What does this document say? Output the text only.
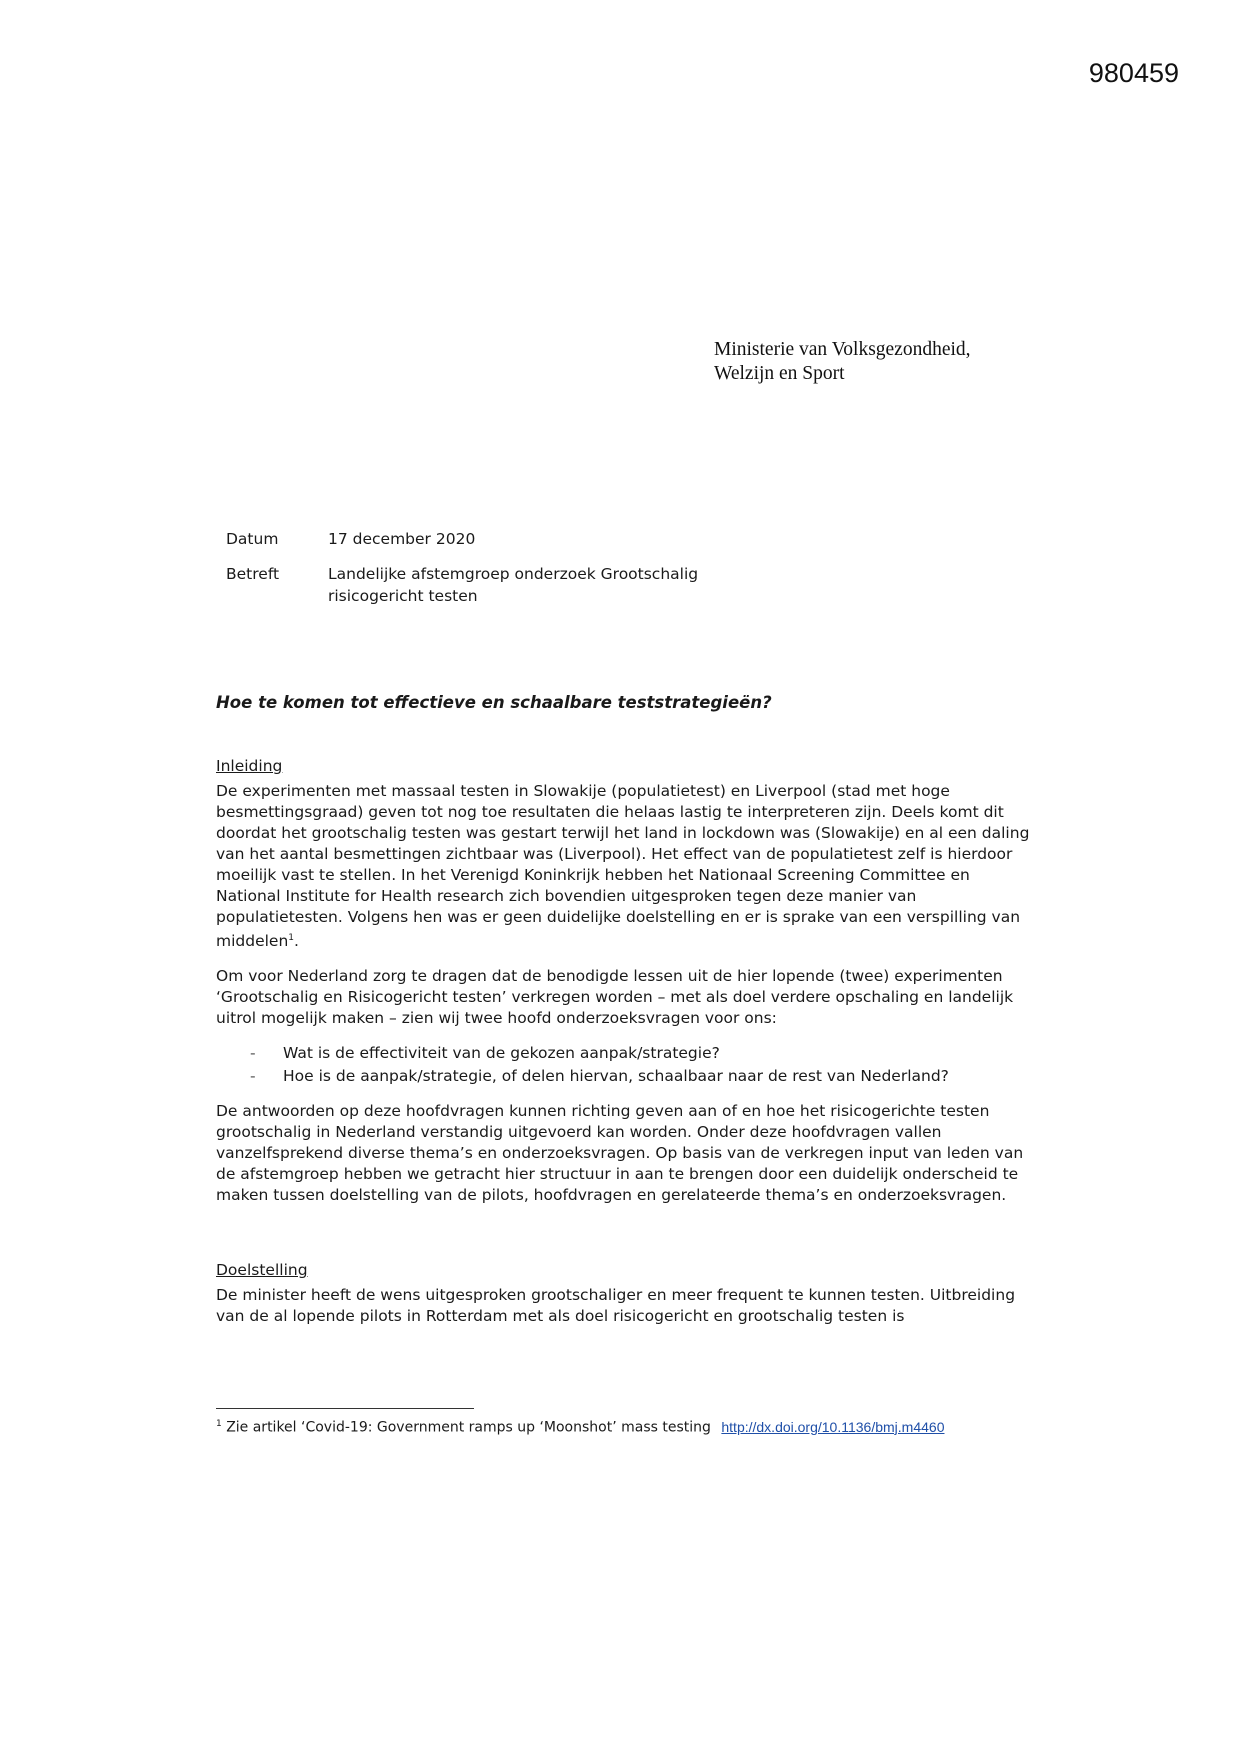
980459
Ministerie van Volksgezondheid,
Welzijn en Sport
Datum	17 december 2020
Betreft	Landelijke afstemgroep onderzoek Grootschalig risicogericht testen

Hoe te komen tot effectieve en schaalbare teststrategieën?

Inleiding

De experimenten met massaal testen in Slowakije (populatietest) en Liverpool (stad met hoge besmettingsgraad) geven tot nog toe resultaten die helaas lastig te interpreteren zijn. Deels komt dit doordat het grootschalig testen was gestart terwijl het land in lockdown was (Slowakije) en al een daling van het aantal besmettingen zichtbaar was (Liverpool). Het effect van de populatietest zelf is hierdoor moeilijk vast te stellen. In het Verenigd Koninkrijk hebben het Nationaal Screening Committee en National Institute for Health research zich bovendien uitgesproken tegen deze manier van populatietesten. Volgens hen was er geen duidelijke doelstelling en er is sprake van een verspilling van middelen$^1$.

Om voor Nederland zorg te dragen dat de benodigde lessen uit de hier lopende (twee) experimenten ‘Grootschalig en Risicogericht testen’ verkregen worden – met als doel verdere opschaling en landelijk uitrol mogelijk maken – zien wij twee hoofd onderzoeksvragen voor ons:

-	Wat is de effectiviteit van de gekozen aanpak/strategie?
-	Hoe is de aanpak/strategie, of delen hiervan, schaalbaar naar de rest van Nederland?

De antwoorden op deze hoofdvragen kunnen richting geven aan of en hoe het risicogerichte testen grootschalig in Nederland verstandig uitgevoerd kan worden. Onder deze hoofdvragen vallen vanzelfsprekend diverse thema’s en onderzoeksvragen. Op basis van de verkregen input van leden van de afstemgroep hebben we getracht hier structuur in aan te brengen door een duidelijk onderscheid te maken tussen doelstelling van de pilots, hoofdvragen en gerelateerde thema’s en onderzoeksvragen.

Doelstelling

De minister heeft de wens uitgesproken grootschaliger en meer frequent te kunnen testen. Uitbreiding van de al lopende pilots in Rotterdam met als doel risicogericht en grootschalig testen is

$^1$ Zie artikel ‘Covid-19: Government ramps up ‘Moonshot’ mass testing http://dx.doi.org/10.1136/bmj.m4460
